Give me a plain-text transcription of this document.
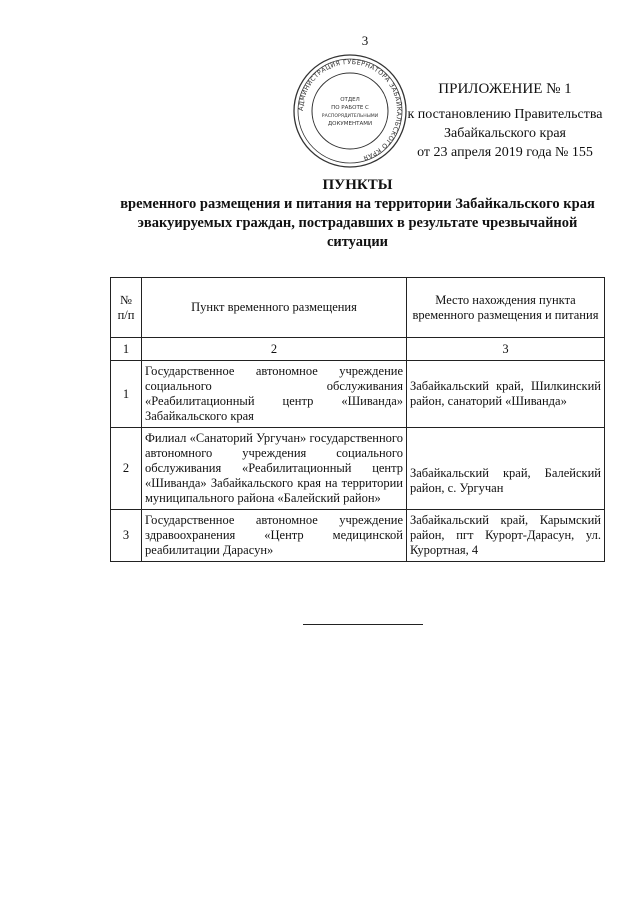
3
АДМИНИСТРАЦИЯ ГУБЕРНАТОРА ЗАБАЙКАЛЬСКОГО КРАЯ
ОТДЕЛ
ПО РАБОТЕ С
РАСПОРЯДИТЕЛЬНЫМИ
ДОКУМЕНТАМИ
ПРИЛОЖЕНИЕ № 1
к постановлению Правительства
Забайкальского края
от 23 апреля 2019 года № 155
ПУНКТЫ
временного размещения и питания на территории Забайкальского края эвакуируемых граждан, пострадавших в результате чрезвычайной ситуации
№ п/п	Пункт временного размещения	Место нахождения пункта временного размещения и питания
1	2	3
1	Государственное автономное учреждение социального обслуживания «Реабилитационный центр «Шиванда» Забайкальского края	Забайкальский край, Шилкинский район, санаторий «Шиванда»
2	Филиал «Санаторий Ургучан» государственного автономного учреждения социального обслуживания «Реабилитационный центр «Шиванда» Забайкальского края на территории муниципального района «Балейский район»	Забайкальский край, Балейский район, с. Ургучан
3	Государственное автономное учреждение здравоохранения «Центр медицинской реабилитации Дарасун»	Забайкальский край, Карымский район, пгт Курорт-Дарасун, ул. Курортная, 4
